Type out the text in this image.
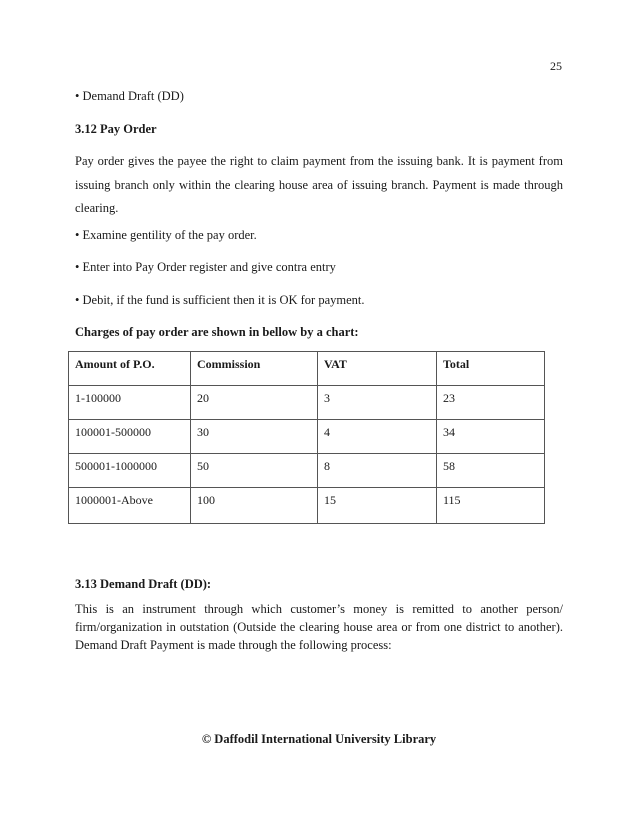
25
• Demand Draft (DD)
3.12 Pay Order
Pay order gives the payee the right to claim payment from the issuing bank. It is payment from issuing branch only within the clearing house area of issuing branch. Payment is made through clearing.
• Examine gentility of the pay order.
• Enter into Pay Order register and give contra entry
• Debit, if the fund is sufficient then it is OK for payment.
Charges of pay order are shown in bellow by a chart:
Amount of P.O.	Commission	VAT	Total
1-100000	20	3	23
100001-500000	30	4	34
500001-1000000	50	8	58
1000001-Above	100	15	115
3.13 Demand Draft (DD):
This is an instrument through which customer’s money is remitted to another person/ firm/organization in outstation (Outside the clearing house area or from one district to another). Demand Draft Payment is made through the following process:
© Daffodil International University Library
